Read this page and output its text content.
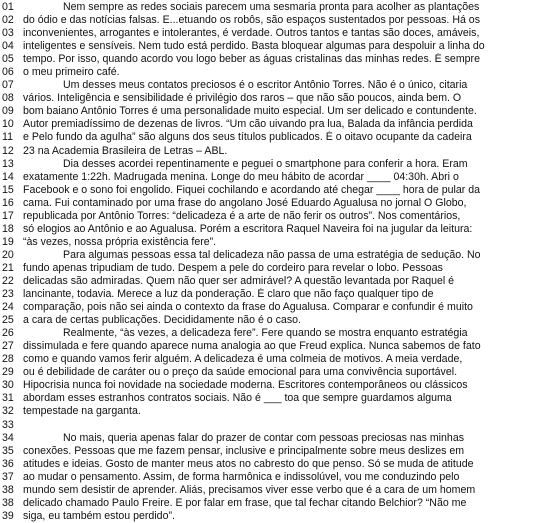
01	Nem sempre as redes sociais parecem uma sesmaria pronta para acolher as plantações
02 do ódio e das notícias falsas. E...etuando os robôs, são espaços sustentados por pessoas. Há os
03 inconvenientes, arrogantes e intolerantes, é verdade. Outros tantos e tantas são doces, amáveis,
04 inteligentes e sensíveis. Nem tudo está perdido. Basta bloquear algumas para despoluir a linha do
05 tempo. Por isso, quando acordo vou logo beber as águas cristalinas das minhas redes. É sempre
06 o meu primeiro café.
07	Um desses meus contatos preciosos é o escritor Antônio Torres. Não é o único, citaria
08 vários. Inteligência e sensibilidade é privilégio dos raros – que não são poucos, ainda bem. O
09 bom baiano Antônio Torres é uma personalidade muito especial. Um ser delicado e contundente.
10 Autor premiadíssimo de dezenas de livros. “Um cão uivando pra lua, Balada da infância perdida
11 e Pelo fundo da agulha” são alguns dos seus títulos publicados. É o oitavo ocupante da cadeira
12 23 na Academia Brasileira de Letras – ABL.
13	Dia desses acordei repentinamente e peguei o smartphone para conferir a hora. Eram
14 exatamente 1:22h. Madrugada menina. Longe do meu hábito de acordar ____ 04:30h. Abri o
15 Facebook e o sono foi engolido. Fiquei cochilando e acordando até chegar ____ hora de pular da
16 cama. Fui contaminado por uma frase do angolano José Eduardo Agualusa no jornal O Globo,
17 republicada por Antônio Torres: “delicadeza é a arte de não ferir os outros”. Nos comentários,
18 só elogios ao Antônio e ao Agualusa. Porém a escritora Raquel Naveira foi na jugular da leitura:
19 “às vezes, nossa própria existência fere”.
20	Para algumas pessoas essa tal delicadeza não passa de uma estratégia de sedução. No
21 fundo apenas tripudiam de tudo. Despem a pele do cordeiro para revelar o lobo. Pessoas
22 delicadas são admiradas. Quem não quer ser admirável? A questão levantada por Raquel é
23 lancinante, todavia. Merece a luz da ponderação. É claro que não faço qualquer tipo de
24 comparação, pois não sei ainda o contexto da frase do Agualusa. Comparar e confundir é muito
25 a cara de certas publicações. Decididamente não é o caso.
26	Realmente, “às vezes, a delicadeza fere”. Fere quando se mostra enquanto estratégia
27 dissimulada e fere quando aparece numa analogia ao que Freud explica. Nunca sabemos de fato
28 como e quando vamos ferir alguém. A delicadeza é uma colmeia de motivos. A meia verdade,
29 ou é debilidade de caráter ou o preço da saúde emocional para uma convivência suportável.
30 Hipocrisia nunca foi novidade na sociedade moderna. Escritores contemporâneos ou clássicos
31 abordam esses estranhos contratos sociais. Não é ___ toa que sempre guardamos alguma
32 tempestade na garganta.
33
34	No mais, queria apenas falar do prazer de contar com pessoas preciosas nas minhas
35 conexões. Pessoas que me fazem pensar, inclusive e principalmente sobre meus deslizes em
36 atitudes e ideias. Gosto de manter meus atos no cabresto do que penso. Só se muda de atitude
37 ao mudar o pensamento. Assim, de forma harmônica e indissolúvel, vou me conduzindo pelo
38 mundo sem desistir de aprender. Aliás, precisamos viver esse verbo que é a cara de um homem
38 delicado chamado Paulo Freire. E por falar em frase, que tal fechar citando Belchior? “Não me
39 siga, eu também estou perdido”.
